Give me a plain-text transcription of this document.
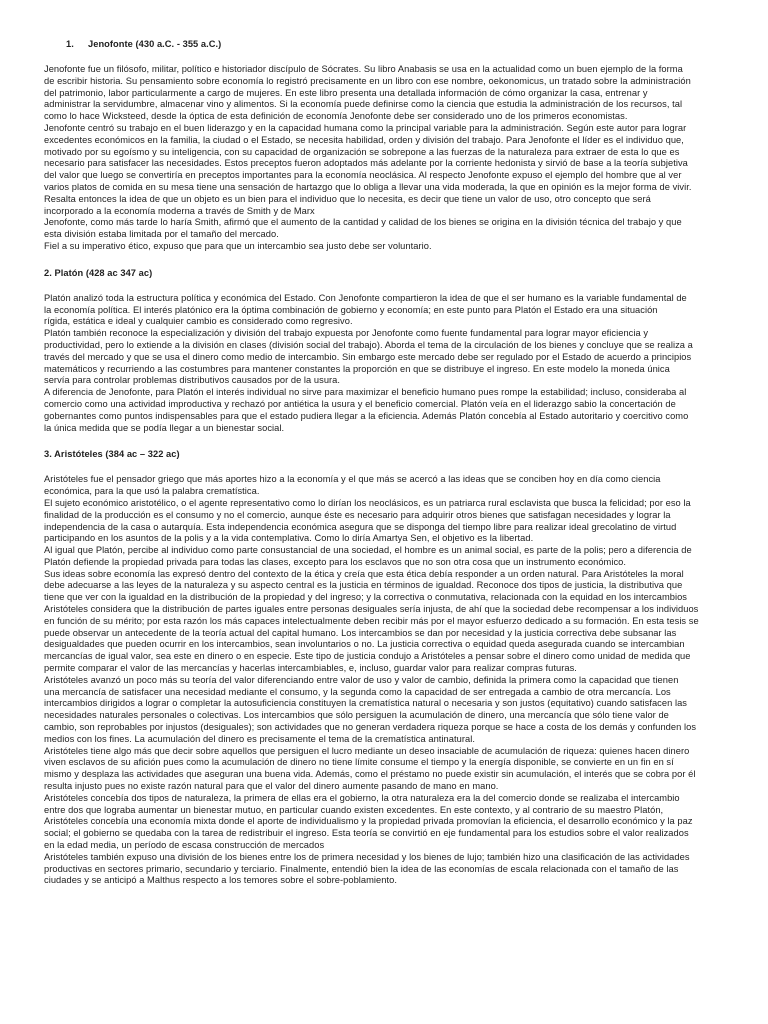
1. Jenofonte (430 a.C. - 355 a.C.)
Jenofonte fue un filósofo, militar, político e historiador discípulo de Sócrates. Su libro Anabasis se usa en la actualidad como un buen ejemplo de la forma
de escribir historia. Su pensamiento sobre economía lo registró precisamente en un libro con ese nombre, oekonomicus, un tratado sobre la administración
del patrimonio, labor particularmente a cargo de mujeres. En este libro presenta una detallada información de cómo organizar la casa, entrenar y
administrar la servidumbre, almacenar vino y alimentos. Si la economía puede definirse como la ciencia que estudia la administración de los recursos, tal
como lo hace Wicksteed, desde la óptica de esta definición de economía Jenofonte debe ser considerado uno de los primeros economistas.
Jenofonte centró su trabajo en el buen liderazgo y en la capacidad humana como la principal variable para la administración. Según este autor para lograr
excedentes económicos en la familia, la ciudad o el Estado, se necesita habilidad, orden y división del trabajo. Para Jenofonte el líder es el individuo que,
motivado por su egoísmo y su inteligencia, con su capacidad de organización se sobrepone a las fuerzas de la naturaleza para extraer de esta lo que es
necesario para satisfacer las necesidades. Estos preceptos fueron adoptados más adelante por la corriente hedonista y sirvió de base a la teoría subjetiva
del valor que luego se convertiría en preceptos importantes para la economía neoclásica. Al respecto Jenofonte expuso el ejemplo del hombre que al ver
varios platos de comida en su mesa tiene una sensación de hartazgo que lo obliga a llevar una vida moderada, la que en opinión es la mejor forma de vivir.
Resalta entonces la idea de que un objeto es un bien para el individuo que lo necesita, es decir que tiene un valor de uso, otro concepto que será
incorporado a la economía moderna a través de Smith y de Marx
Jenofonte, como más tarde lo haría Smith, afirmó que el aumento de la cantidad y calidad de los bienes se origina en la división técnica del trabajo y que
esta división estaba limitada por el tamaño del mercado.
Fiel a su imperativo ético, expuso que para que un intercambio sea justo debe ser voluntario.
2. Platón (428 ac 347 ac)
Platón analizó toda la estructura política y económica del Estado. Con Jenofonte compartieron la idea de que el ser humano es la variable fundamental de
la economía política. El interés platónico era la óptima combinación de gobierno y economía; en este punto para Platón el Estado era una situación
rígida, estática e ideal y cualquier cambio es considerado como regresivo.
Platón también reconoce la especialización y división del trabajo expuesta por Jenofonte como fuente fundamental para lograr mayor eficiencia y
productividad, pero lo extiende a la división en clases (división social del trabajo). Aborda el tema de la circulación de los bienes y concluye que se realiza a
través del mercado y que se usa el dinero como medio de intercambio. Sin embargo este mercado debe ser regulado por el Estado de acuerdo a principios
matemáticos y recurriendo a las costumbres para mantener constantes la proporción en que se distribuye el ingreso. En este modelo la moneda única
servía para controlar problemas distributivos causados por de la usura.
A diferencia de Jenofonte, para Platón el interés individual no sirve para maximizar el beneficio humano pues rompe la estabilidad; incluso, consideraba al
comercio como una actividad improductiva y rechazó por antiética la usura y el beneficio comercial. Platón veía en el liderazgo sabio la concertación de
gobernantes como puntos indispensables para que el estado pudiera llegar a la eficiencia. Además Platón concebía al Estado autoritario y coercitivo como
la única medida que se podía llegar a un bienestar social.
3. Aristóteles (384 ac – 322 ac)
Aristóteles fue el pensador griego que más aportes hizo a la economía y el que más se acercó a las ideas que se conciben hoy en día como ciencia
económica, para la que usó la palabra crematística.
El sujeto económico aristotélico, o el agente representativo como lo dirían los neoclásicos, es un patriarca rural esclavista que busca la felicidad; por eso la
finalidad de la producción es el consumo y no el comercio, aunque éste es necesario para adquirir otros bienes que satisfagan necesidades y lograr la
independencia de la casa o autarquía. Esta independencia económica asegura que se disponga del tiempo libre para realizar ideal grecolatino de virtud
participando en los asuntos de la polis y a la vida contemplativa. Como lo diría Amartya Sen, el objetivo es la libertad.
Al igual que Platón, percibe al individuo como parte consustancial de una sociedad, el hombre es un animal social, es parte de la polis; pero a diferencia de
Platón defiende la propiedad privada para todas las clases, excepto para los esclavos que no son otra cosa que un instrumento económico.
Sus ideas sobre economía las expresó dentro del contexto de la ética y creía que esta ética debía responder a un orden natural. Para Aristóteles la moral
debe adecuarse a las leyes de la naturaleza y su aspecto central es la justicia en términos de igualdad. Reconoce dos tipos de justicia, la distributiva que
tiene que ver con la igualdad en la distribución de la propiedad y del ingreso; y la correctiva o conmutativa, relacionada con la equidad en los intercambios
Aristóteles considera que la distribución de partes iguales entre personas desiguales sería injusta, de ahí que la sociedad debe recompensar a los individuos
en función de su mérito; por esta razón los más capaces intelectualmente deben recibir más por el mayor esfuerzo dedicado a su formación. En esta tesis se
puede observar un antecedente de la teoría actual del capital humano. Los intercambios se dan por necesidad y la justicia correctiva debe subsanar las
desigualdades que pueden ocurrir en los intercambios, sean involuntarios o no. La justicia correctiva o equidad queda asegurada cuando se intercambian
mercancías de igual valor, sea este en dinero o en especie. Este tipo de justicia condujo a Aristóteles a pensar sobre el dinero como unidad de medida que
permite comparar el valor de las mercancías y hacerlas intercambiables, e, incluso, guardar valor para realizar compras futuras.
Aristóteles avanzó un poco más su teoría del valor diferenciando entre valor de uso y valor de cambio, definida la primera como la capacidad que tienen
una mercancía de satisfacer una necesidad mediante el consumo, y la segunda como la capacidad de ser entregada a cambio de otra mercancía. Los
intercambios dirigidos a lograr o completar la autosuficiencia constituyen la crematística natural o necesaria y son justos (equitativo) cuando satisfacen las
necesidades naturales personales o colectivas. Los intercambios que sólo persiguen la acumulación de dinero, una mercancía que sólo tiene valor de
cambio, son reprobables por injustos (desiguales); son actividades que no generan verdadera riqueza porque se hace a costa de los demás y confunden los
medios con los fines. La acumulación del dinero es precisamente el tema de la crematística antinatural.
Aristóteles tiene algo más que decir sobre aquellos que persiguen el lucro mediante un deseo insaciable de acumulación de riqueza: quienes hacen dinero
viven esclavos de su afición pues como la acumulación de dinero no tiene límite consume el tiempo y la energía disponible, se convierte en un fin en sí
mismo y desplaza las actividades que aseguran una buena vida. Además, como el préstamo no puede existir sin acumulación, el interés que se cobra por él
resulta injusto pues no existe razón natural para que el valor del dinero aumente pasando de mano en mano.
Aristóteles concebía dos tipos de naturaleza, la primera de ellas era el gobierno, la otra naturaleza era la del comercio donde se realizaba el intercambio
entre dos que lograba aumentar un bienestar mutuo, en particular cuando existen excedentes. En este contexto, y al contrario de su maestro Platón,
Aristóteles concebía una economía mixta donde el aporte de individualismo y la propiedad privada promovían la eficiencia, el desarrollo económico y la paz
social; el gobierno se quedaba con la tarea de redistribuir el ingreso. Esta teoría se convirtió en eje fundamental para los estudios sobre el valor realizados
en la edad media, un período de escasa construcción de mercados
Aristóteles también expuso una división de los bienes entre los de primera necesidad y los bienes de lujo; también hizo una clasificación de las actividades
productivas en sectores primario, secundario y terciario. Finalmente, entendió bien la idea de las economías de escala relacionada con el tamaño de las
ciudades y se anticipó a Malthus respecto a los temores sobre el sobre-poblamiento.
